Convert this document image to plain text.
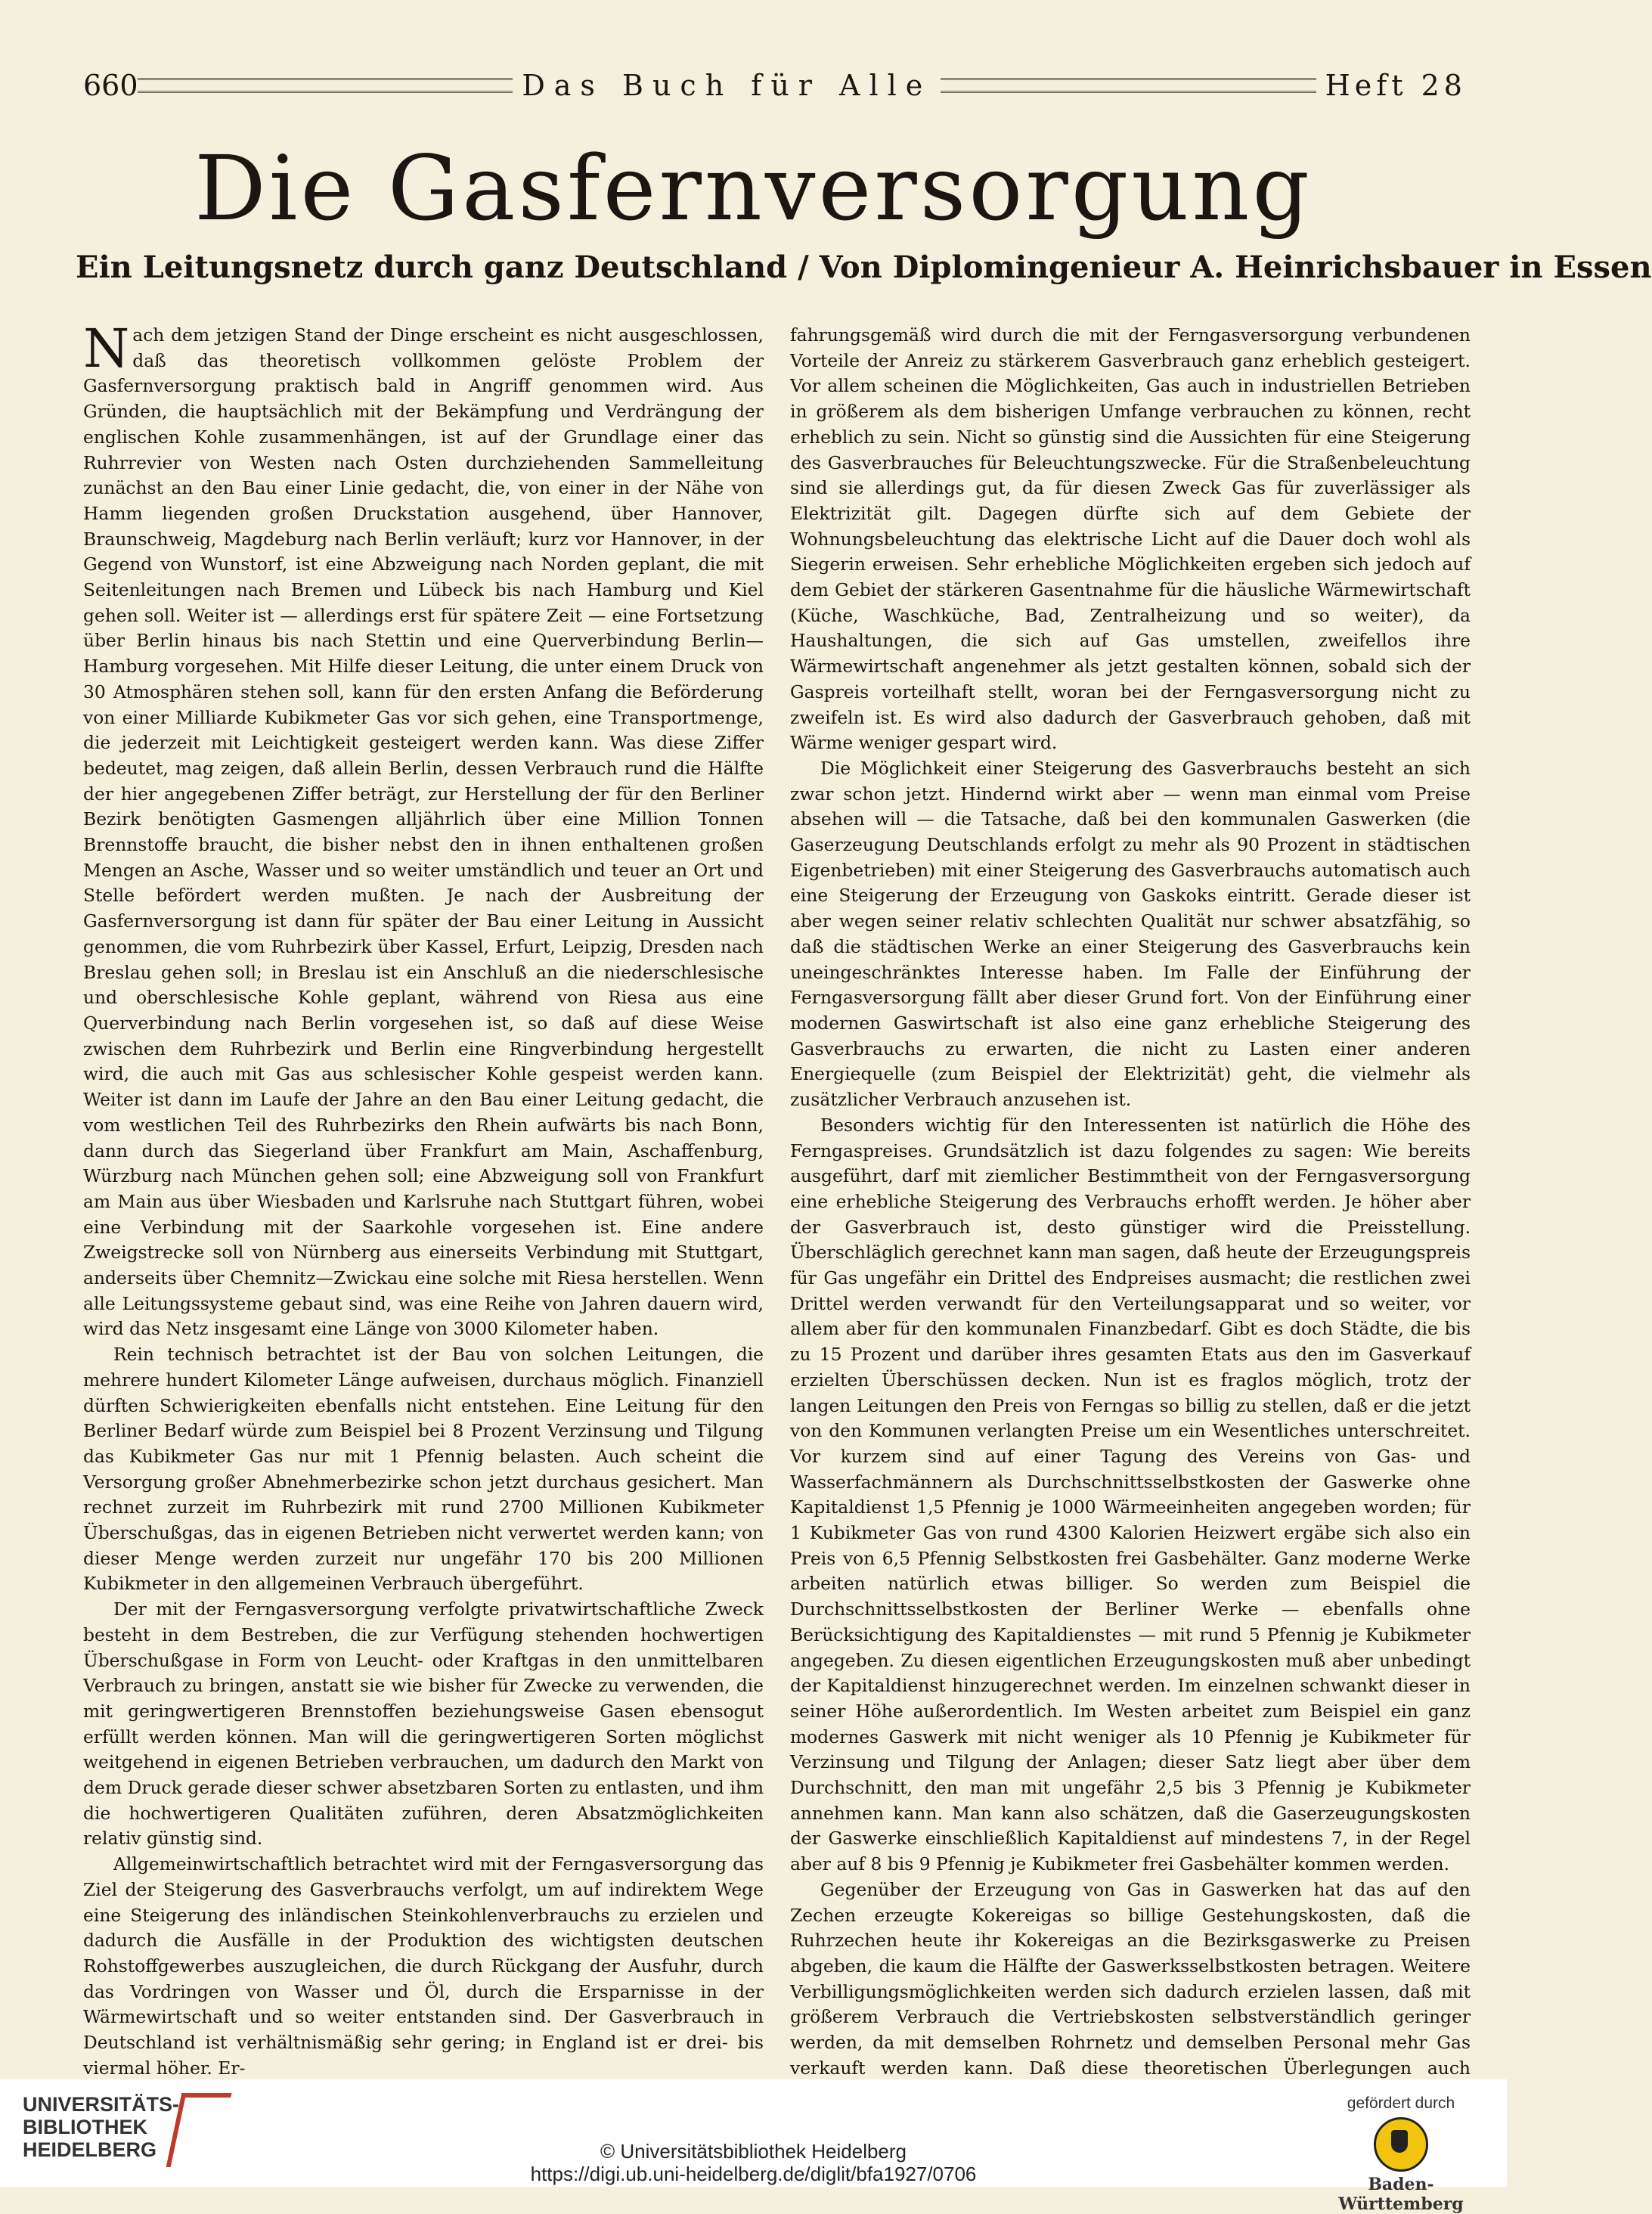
660	Das Buch für Alle	Heft 28
Die Gasfernversorgung
Ein Leitungsnetz durch ganz Deutschland / Von Diplomingenieur A. Heinrichsbauer in Essen

Nach dem jetzigen Stand der Dinge erscheint es nicht ausgeschlossen, daß das theoretisch vollkommen gelöste Problem der Gasfernversorgung praktisch bald in Angriff genommen wird. Aus Gründen, die hauptsächlich mit der Bekämpfung und Verdrängung der englischen Kohle zusammenhängen, ist auf der Grundlage einer das Ruhrrevier von Westen nach Osten durchziehenden Sammelleitung zunächst an den Bau einer Linie gedacht, die, von einer in der Nähe von Hamm liegenden großen Druckstation ausgehend, über Hannover, Braunschweig, Magdeburg nach Berlin verläuft; kurz vor Hannover, in der Gegend von Wunstorf, ist eine Abzweigung nach Norden geplant, die mit Seitenleitungen nach Bremen und Lübeck bis nach Hamburg und Kiel gehen soll. Weiter ist — allerdings erst für spätere Zeit — eine Fortsetzung über Berlin hinaus bis nach Stettin und eine Querverbindung Berlin—Hamburg vorgesehen. Mit Hilfe dieser Leitung, die unter einem Druck von 30 Atmosphären stehen soll, kann für den ersten Anfang die Beförderung von einer Milliarde Kubikmeter Gas vor sich gehen, eine Transportmenge, die jederzeit mit Leichtigkeit gesteigert werden kann. Was diese Ziffer bedeutet, mag zeigen, daß allein Berlin, dessen Verbrauch rund die Hälfte der hier angegebenen Ziffer beträgt, zur Herstellung der für den Berliner Bezirk benötigten Gasmengen alljährlich über eine Million Tonnen Brennstoffe braucht, die bisher nebst den in ihnen enthaltenen großen Mengen an Asche, Wasser und so weiter umständlich und teuer an Ort und Stelle befördert werden mußten. Je nach der Ausbreitung der Gasfernversorgung ist dann für später der Bau einer Leitung in Aussicht genommen, die vom Ruhrbezirk über Kassel, Erfurt, Leipzig, Dresden nach Breslau gehen soll; in Breslau ist ein Anschluß an die niederschlesische und oberschlesische Kohle geplant, während von Riesa aus eine Querverbindung nach Berlin vorgesehen ist, so daß auf diese Weise zwischen dem Ruhrbezirk und Berlin eine Ringverbindung hergestellt wird, die auch mit Gas aus schlesischer Kohle gespeist werden kann. Weiter ist dann im Laufe der Jahre an den Bau einer Leitung gedacht, die vom westlichen Teil des Ruhrbezirks den Rhein aufwärts bis nach Bonn, dann durch das Siegerland über Frankfurt am Main, Aschaffenburg, Würzburg nach München gehen soll; eine Abzweigung soll von Frankfurt am Main aus über Wiesbaden und Karlsruhe nach Stuttgart führen, wobei eine Verbindung mit der Saarkohle vorgesehen ist. Eine andere Zweigstrecke soll von Nürnberg aus einerseits Verbindung mit Stuttgart, anderseits über Chemnitz—Zwickau eine solche mit Riesa herstellen. Wenn alle Leitungssysteme gebaut sind, was eine Reihe von Jahren dauern wird, wird das Netz insgesamt eine Länge von 3000 Kilometer haben.

Rein technisch betrachtet ist der Bau von solchen Leitungen, die mehrere hundert Kilometer Länge aufweisen, durchaus möglich. Finanziell dürften Schwierigkeiten ebenfalls nicht entstehen. Eine Leitung für den Berliner Bedarf würde zum Beispiel bei 8 Prozent Verzinsung und Tilgung das Kubikmeter Gas nur mit 1 Pfennig belasten. Auch scheint die Versorgung großer Abnehmerbezirke schon jetzt durchaus gesichert. Man rechnet zurzeit im Ruhrbezirk mit rund 2700 Millionen Kubikmeter Überschußgas, das in eigenen Betrieben nicht verwertet werden kann; von dieser Menge werden zurzeit nur ungefähr 170 bis 200 Millionen Kubikmeter in den allgemeinen Verbrauch übergeführt.

Der mit der Ferngasversorgung verfolgte privatwirtschaftliche Zweck besteht in dem Bestreben, die zur Verfügung stehenden hochwertigen Überschußgase in Form von Leucht- oder Kraftgas in den unmittelbaren Verbrauch zu bringen, anstatt sie wie bisher für Zwecke zu verwenden, die mit geringwertigeren Brennstoffen beziehungsweise Gasen ebensogut erfüllt werden können. Man will die geringwertigeren Sorten möglichst weitgehend in eigenen Betrieben verbrauchen, um dadurch den Markt von dem Druck gerade dieser schwer absetzbaren Sorten zu entlasten, und ihm die hochwertigeren Qualitäten zuführen, deren Absatzmöglichkeiten relativ günstig sind.

Allgemeinwirtschaftlich betrachtet wird mit der Ferngasversorgung das Ziel der Steigerung des Gasverbrauchs verfolgt, um auf indirektem Wege eine Steigerung des inländischen Steinkohlenverbrauchs zu erzielen und dadurch die Ausfälle in der Produktion des wichtigsten deutschen Rohstoffgewerbes auszugleichen, die durch Rückgang der Ausfuhr, durch das Vordringen von Wasser und Öl, durch die Ersparnisse in der Wärmewirtschaft und so weiter entstanden sind. Der Gasverbrauch in Deutschland ist verhältnismäßig sehr gering; in England ist er drei- bis viermal höher. Er-

fahrungsgemäß wird durch die mit der Ferngasversorgung verbundenen Vorteile der Anreiz zu stärkerem Gasverbrauch ganz erheblich gesteigert. Vor allem scheinen die Möglichkeiten, Gas auch in industriellen Betrieben in größerem als dem bisherigen Umfange verbrauchen zu können, recht erheblich zu sein. Nicht so günstig sind die Aussichten für eine Steigerung des Gasverbrauches für Beleuchtungszwecke. Für die Straßenbeleuchtung sind sie allerdings gut, da für diesen Zweck Gas für zuverlässiger als Elektrizität gilt. Dagegen dürfte sich auf dem Gebiete der Wohnungsbeleuchtung das elektrische Licht auf die Dauer doch wohl als Siegerin erweisen. Sehr erhebliche Möglichkeiten ergeben sich jedoch auf dem Gebiet der stärkeren Gasentnahme für die häusliche Wärmewirtschaft (Küche, Waschküche, Bad, Zentralheizung und so weiter), da Haushaltungen, die sich auf Gas umstellen, zweifellos ihre Wärmewirtschaft angenehmer als jetzt gestalten können, sobald sich der Gaspreis vorteilhaft stellt, woran bei der Ferngasversorgung nicht zu zweifeln ist. Es wird also dadurch der Gasverbrauch gehoben, daß mit Wärme weniger gespart wird.

Die Möglichkeit einer Steigerung des Gasverbrauchs besteht an sich zwar schon jetzt. Hindernd wirkt aber — wenn man einmal vom Preise absehen will — die Tatsache, daß bei den kommunalen Gaswerken (die Gaserzeugung Deutschlands erfolgt zu mehr als 90 Prozent in städtischen Eigenbetrieben) mit einer Steigerung des Gasverbrauchs automatisch auch eine Steigerung der Erzeugung von Gaskoks eintritt. Gerade dieser ist aber wegen seiner relativ schlechten Qualität nur schwer absatzfähig, so daß die städtischen Werke an einer Steigerung des Gasverbrauchs kein uneingeschränktes Interesse haben. Im Falle der Einführung der Ferngasversorgung fällt aber dieser Grund fort. Von der Einführung einer modernen Gaswirtschaft ist also eine ganz erhebliche Steigerung des Gasverbrauchs zu erwarten, die nicht zu Lasten einer anderen Energiequelle (zum Beispiel der Elektrizität) geht, die vielmehr als zusätzlicher Verbrauch anzusehen ist.

Besonders wichtig für den Interessenten ist natürlich die Höhe des Ferngaspreises. Grundsätzlich ist dazu folgendes zu sagen: Wie bereits ausgeführt, darf mit ziemlicher Bestimmtheit von der Ferngasversorgung eine erhebliche Steigerung des Verbrauchs erhofft werden. Je höher aber der Gasverbrauch ist, desto günstiger wird die Preisstellung. Überschläglich gerechnet kann man sagen, daß heute der Erzeugungspreis für Gas ungefähr ein Drittel des Endpreises ausmacht; die restlichen zwei Drittel werden verwandt für den Verteilungsapparat und so weiter, vor allem aber für den kommunalen Finanzbedarf. Gibt es doch Städte, die bis zu 15 Prozent und darüber ihres gesamten Etats aus den im Gasverkauf erzielten Überschüssen decken. Nun ist es fraglos möglich, trotz der langen Leitungen den Preis von Ferngas so billig zu stellen, daß er die jetzt von den Kommunen verlangten Preise um ein Wesentliches unterschreitet. Vor kurzem sind auf einer Tagung des Vereins von Gas- und Wasserfachmännern als Durchschnittsselbstkosten der Gaswerke ohne Kapitaldienst 1,5 Pfennig je 1000 Wärmeeinheiten angegeben worden; für 1 Kubikmeter Gas von rund 4300 Kalorien Heizwert ergäbe sich also ein Preis von 6,5 Pfennig Selbstkosten frei Gasbehälter. Ganz moderne Werke arbeiten natürlich etwas billiger. So werden zum Beispiel die Durchschnittsselbstkosten der Berliner Werke — ebenfalls ohne Berücksichtigung des Kapitaldienstes — mit rund 5 Pfennig je Kubikmeter angegeben. Zu diesen eigentlichen Erzeugungskosten muß aber unbedingt der Kapitaldienst hinzugerechnet werden. Im einzelnen schwankt dieser in seiner Höhe außerordentlich. Im Westen arbeitet zum Beispiel ein ganz modernes Gaswerk mit nicht weniger als 10 Pfennig je Kubikmeter für Verzinsung und Tilgung der Anlagen; dieser Satz liegt aber über dem Durchschnitt, den man mit ungefähr 2,5 bis 3 Pfennig je Kubikmeter annehmen kann. Man kann also schätzen, daß die Gaserzeugungskosten der Gaswerke einschließlich Kapitaldienst auf mindestens 7, in der Regel aber auf 8 bis 9 Pfennig je Kubikmeter frei Gasbehälter kommen werden.

Gegenüber der Erzeugung von Gas in Gaswerken hat das auf den Zechen erzeugte Kokereigas so billige Gestehungskosten, daß die Ruhrzechen heute ihr Kokereigas an die Bezirksgaswerke zu Preisen abgeben, die kaum die Hälfte der Gaswerksselbstkosten betragen. Weitere Verbilligungsmöglichkeiten werden sich dadurch erzielen lassen, daß mit größerem Verbrauch die Vertriebskosten selbstverständlich geringer werden, da mit demselben Rohrnetz und demselben Personal mehr Gas verkauft werden kann. Daß diese theoretischen Überlegungen auch

UNIVERSITÄTS-
BIBLIOTHEK
HEIDELBERG	© Universitätsbibliothek Heidelberg
https://digi.ub.uni-heidelberg.de/diglit/bfa1927/0706
gefördert durch
Baden-Württemberg
